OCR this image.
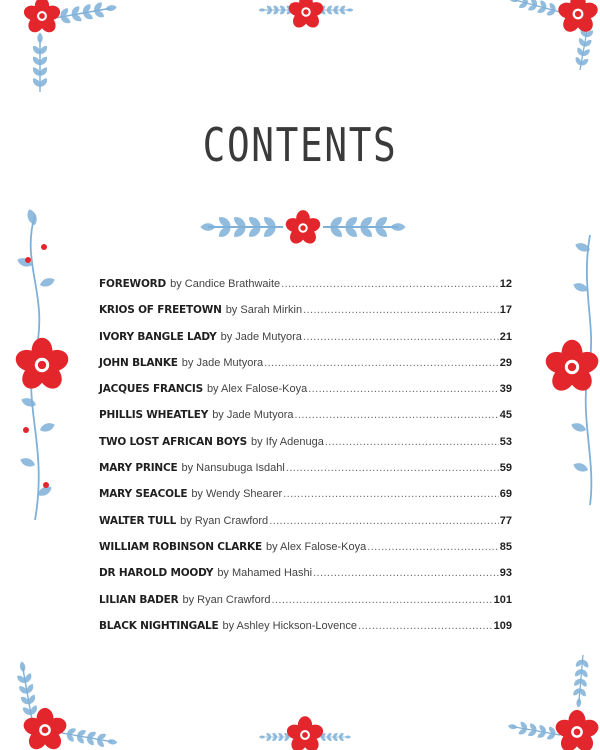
CONTENTS
FOREWORD by Candice Brathwaite .....	12
KRIOS OF FREETOWN by Sarah Mirkin .....	17
IVORY BANGLE LADY by Jade Mutyora .....	21
JOHN BLANKE by Jade Mutyora .....	29
JACQUES FRANCIS by Alex Falose-Koya .....	39
PHILLIS WHEATLEY by Jade Mutyora .....	45
TWO LOST AFRICAN BOYS by Ify Adenuga .....	53
MARY PRINCE by Nansubuga Isdahl .....	59
MARY SEACOLE by Wendy Shearer .....	69
WALTER TULL by Ryan Crawford .....	77
WILLIAM ROBINSON CLARKE by Alex Falose-Koya .....	85
DR HAROLD MOODY by Mahamed Hashi .....	93
LILIAN BADER by Ryan Crawford .....	101
BLACK NIGHTINGALE by Ashley Hickson-Lovence .....	109
